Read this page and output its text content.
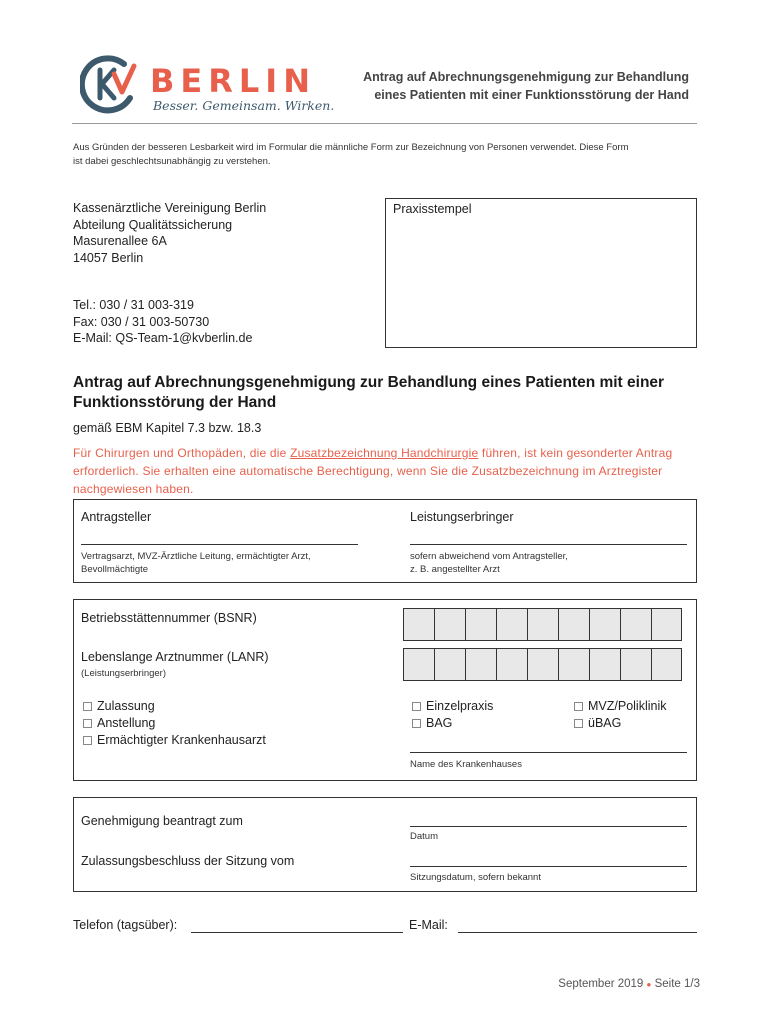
BERLIN
Besser. Gemeinsam. Wirken.
Antrag auf Abrechnungsgenehmigung zur Behandlung
eines Patienten mit einer Funktionsstörung der Hand
Aus Gründen der besseren Lesbarkeit wird im Formular die männliche Form zur Bezeichnung von Personen verwendet. Diese Form
ist dabei geschlechtsunabhängig zu verstehen.
Kassenärztliche Vereinigung Berlin
Abteilung Qualitätssicherung
Masurenallee 6A
14057 Berlin
Tel.: 030 / 31 003-319
Fax: 030 / 31 003-50730
E-Mail: QS-Team-1@kvberlin.de
Praxisstempel
Antrag auf Abrechnungsgenehmigung zur Behandlung eines Patienten mit einer
Funktionsstörung der Hand
gemäß EBM Kapitel 7.3 bzw. 18.3
Für Chirurgen und Orthopäden, die die Zusatzbezeichnung Handchirurgie führen, ist kein gesonderter Antrag
erforderlich. Sie erhalten eine automatische Berechtigung, wenn Sie die Zusatzbezeichnung im Arztregister
nachgewiesen haben.
Antragsteller
Vertragsarzt, MVZ-Ärztliche Leitung, ermächtigter Arzt,
Bevollmächtigte
Leistungserbringer
sofern abweichend vom Antragsteller,
z. B. angestellter Arzt
Betriebsstättennummer (BSNR)
Lebenslange Arztnummer (LANR)
(Leistungserbringer)
Zulassung
Anstellung
Ermächtigter Krankenhausarzt
Einzelpraxis
BAG
MVZ/Poliklinik
üBAG
Name des Krankenhauses
Genehmigung beantragt zum
Datum
Zulassungsbeschluss der Sitzung vom
Sitzungsdatum, sofern bekannt
Telefon (tagsüber):	E-Mail:
September 2019 ● Seite 1/3
